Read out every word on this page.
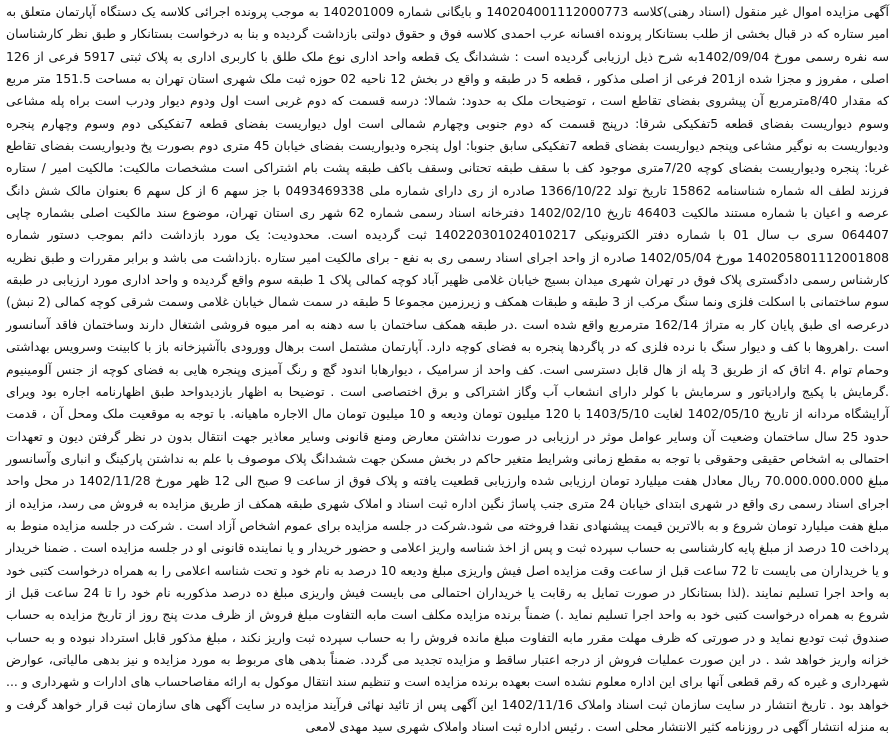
آگهی مزایده اموال غیر منقول (اسناد رهنی)کلاسه 140204001112000773 و بایگانی شماره 140201009 به موجب پرونده اجرائی کلاسه یک دستگاه آپارتمان متعلق به امیر ستاره که در قبال بخشی از طلب بستانکار پرونده افسانه عرب احمدی کلاسه فوق و حقوق دولتی بازداشت گردیده و بنا به درخواست بستانکار و طبق نظر کارشناسان سه نفره رسمی مورخ 1402/09/04به شرح ذیل ارزیابی گردیده است : ششدانگ یک قطعه واحد اداری نوع ملک طلق با کاربری اداری به پلاک ثبتی 5917 فرعی از 126 اصلی ، مفروز و مجزا شده از201 فرعی از اصلی مذکور ، قطعه 5 در طبقه و واقع در بخش 12 ناحیه 02 حوزه ثبت ملک شهری استان تهران به مساحت 151.5 متر مربع که مقدار 8/40مترمربع آن پیشروی بفضای تقاطع است ، توضیحات ملک به حدود: شمالا: درسه قسمت که دوم غربی است اول ودوم دیوار ودرب است براه پله مشاعی وسوم دیواریست بفضای قطعه 5تفکیکی شرقا: درپنج قسمت که دوم جنوبی وچهارم شمالی است اول دیواریست بفضای قطعه 7تفکیکی دوم وسوم وچهارم پنجره ودیواریست به نوگیر مشاعی وپنجم دیواریست بفضای قطعه 7تفکیکی سابق جنوبا: اول پنجره ودیواریست بفضای خیابان 45 متری دوم بصورت پخ ودیواریست بفضای تقاطع غربا: پنجره ودیواریست بفضای کوچه 7/20متری موجود کف با سقف طبقه تحتانی وسقف باکف طبقه پشت بام اشتراکی است مشخصات مالکیت: مالکیت امیر / ستاره فرزند لطف اله شماره شناسنامه 15862 تاریخ تولد 1366/10/22 صادره از ری دارای شماره ملی 0493469338 با جز سهم 6 از کل سهم 6 بعنوان مالک شش دانگ عرصه و اعیان با شماره مستند مالکیت 46403 تاریخ 1402/02/10 دفترخانه اسناد رسمی شماره 62 شهر ری استان تهران، موضوع سند مالکیت اصلی بشماره چاپی 064407 سری ب سال 01 با شماره دفتر الکترونیکی 140220301024010217 ثبت گردیده است. محدودیت: یک مورد بازداشت دائم بموجب دستور شماره 140205801112001808 مورخ 1402/05/04 صادره از واحد اجرای اسناد رسمی ری به نفع - برای مالکیت امیر ستاره .بازداشت می باشد و برابر مقررات و طبق نظریه کارشناس رسمی دادگستری پلاک فوق در تهران شهری میدان بسیج خیابان غلامی ظهیر آباد کوچه کمالی پلاک 1 طبقه سوم واقع گردیده و واحد اداری مورد ارزیابی در طبقه سوم ساختمانی با اسکلت فلزی ونما سنگ مرکب از 3 طبقه و طبقات همکف و زیرزمین مجموعا 5 طبقه در سمت شمال خیابان غلامی وسمت شرقی کوچه کمالی (2 نبش) درعرصه ای طبق پایان کار به متراژ 162/14 مترمربع واقع شده است .در طبقه همکف ساختمان با سه دهنه به امر میوه فروشی اشتغال دارند وساختمان فاقد آسانسور است .راهروها با کف و دیوار سنگ با نرده فلزی که در پاگردها پنجره به فضای کوچه دارد. آپارتمان مشتمل است برهال وورودی باآشپزخانه باز با کابینت وسرویس بهداشتی وحمام توام .4 اتاق که از طریق 3 پله از هال قابل دسترسی است. کف واحد از سرامیک ، دیوارهابا اندود گچ و رنگ آمیزی وپنجره هایی به فضای کوچه از جنس آلومینیوم .گرمایش با پکیج وارادیاتور و سرمایش با کولر دارای انشعاب آب وگاز اشتراکی و برق اختصاصی است . توضیحا به اظهار بازدیدواحد طبق اظهارنامه اجاره بود ویرای آرایشگاه مردانه از تاریخ 1402/05/10 لغایت 1403/5/10 با 120 میلیون تومان ودیعه و 10 میلیون تومان مال الاجاره ماهیانه. با توجه به موقعیت ملک ومحل آن ، قدمت حدود 25 سال ساختمان وضعیت آن وسایر عوامل موثر در ارزیابی در صورت نداشتن معارض ومنع قانونی وسایر معاذیر جهت انتقال بدون در نظر گرفتن دیون و تعهدات احتمالی به اشخاص حقیقی وحقوقی با توجه به مقطع زمانی وشرایط متغیر حاکم در بخش مسکن جهت ششدانگ پلاک موصوف با علم به نداشتن پارکینگ و انباری وآسانسور مبلغ 70.000.000.000 ریال معادل هفت میلیارد تومان ارزیابی شده وارزیابی قطعیت یافته و پلاک فوق از ساعت 9 صبح الی 12 ظهر مورخ 1402/11/28 در محل واحد اجرای اسناد رسمی ری واقع در شهری ابتدای خیابان 24 متری جنب پاساژ نگین اداره ثبت اسناد و املاک شهری طبقه همکف از طریق مزایده به فروش می رسد، مزایده از مبلغ هفت میلیارد تومان شروع و به بالاترین قیمت پیشنهادی نقدا فروخته می شود.شرکت در جلسه مزایده برای عموم اشخاص آزاد است . شرکت در جلسه مزایده منوط به پرداخت 10 درصد از مبلغ پایه کارشناسی به حساب سپرده ثبت و پس از اخذ شناسه واریز اعلامی و حضور خریدار و یا نماینده قانونی او در جلسه مزایده است . ضمنا خریدار و یا خریداران می بایست تا 72 ساعت قبل از ساعت وقت مزایده اصل فیش واریزی مبلغ ودیعه 10 درصد به نام خود و تحت شناسه اعلامی را به همراه درخواست کتبی خود به واحد اجرا تسلیم نمایند .(لذا بستانکار در صورت تمایل به رقابت یا خریداران احتمالی می بایست فیش واریزی مبلغ ده درصد مذکوربه نام خود را تا 24 ساعت قبل از شروع به همراه درخواست کتبی خود به واحد اجرا تسلیم نماید .) ضمناً برنده مزایده مکلف است مابه التفاوت مبلغ فروش از ظرف مدت پنج روز از تاریخ مزایده به حساب صندوق ثبت تودیع نماید و در صورتی که ظرف مهلت مقرر مابه التفاوت مبلغ مانده فروش را به حساب سپرده ثبت واریز نکند ، مبلغ مذکور قابل استرداد نبوده و به حساب خزانه واریز خواهد شد . در این صورت عملیات فروش از درجه اعتبار ساقط و مزایده تجدید می گردد. ضمناً بدهی های مربوط به مورد مزایده و نیز بدهی مالیاتی، عوارض شهرداری و غیره که رقم قطعی آنها برای این اداره معلوم نشده است بعهده برنده مزایده است و تنظیم سند انتقال موکول به ارائه مفاصاحساب های ادارات و شهرداری و ... خواهد بود . تاریخ انتشار در سایت سازمان ثبت اسناد واملاک 1402/11/16 این آگهی پس از تائید نهائی فرآیند مزایده در سایت آگهی های سازمان ثبت قرار خواهد گرفت و به منزله انتشار آگهی در روزنامه کثیر الانتشار محلی است . رئیس اداره ثبت اسناد واملاک شهری سید مهدی لامعی
